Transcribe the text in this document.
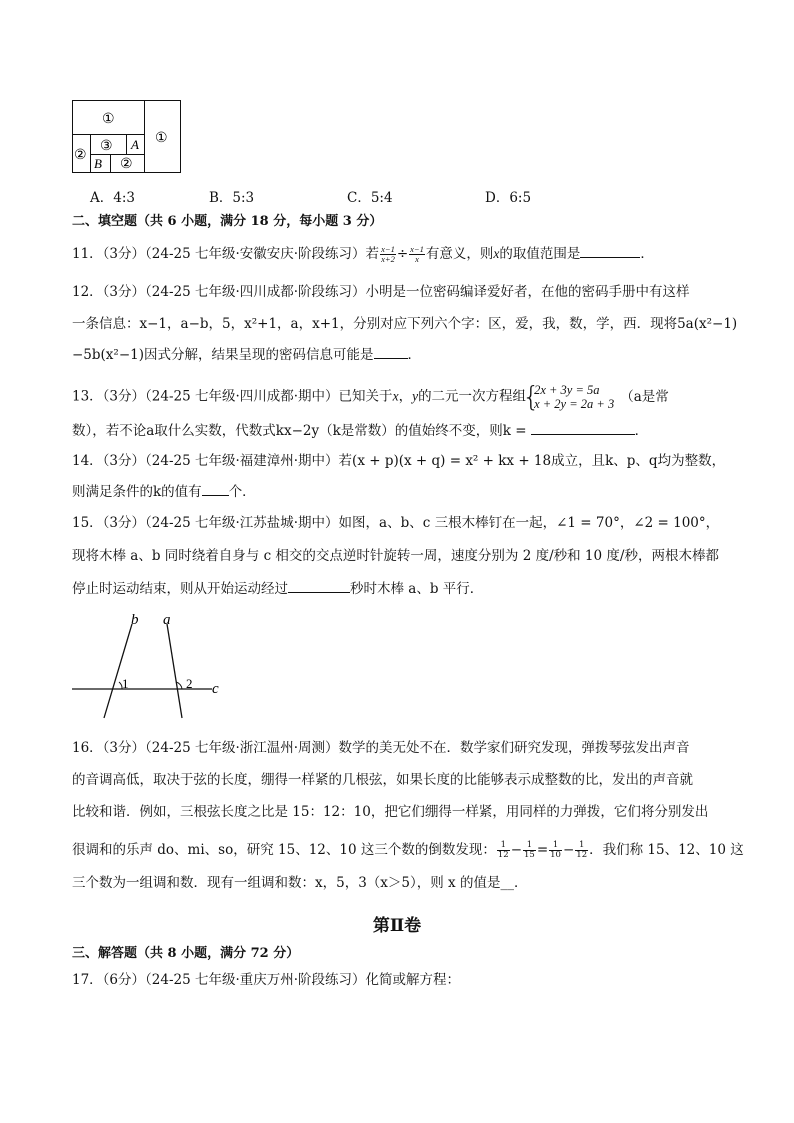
①
①
②
③ A
B ②
A．4:3	B．5:3	C．5:4	D．6:5
二、填空题（共 6 小题，满分 18 分，每小题 3 分）
11．（3分）（24-25 七年级·安徽安庆·阶段练习）若 $\frac{x-1}{x+2} \div \frac{x-1}{x}$ 有意义，则x的取值范围是	．
12．（3分）（24-25 七年级·四川成都·阶段练习）小明是一位密码编译爱好者，在他的密码手册中有这样
一条信息：x−1，a−b，5，x²+1，a，x+1，分别对应下列六个字：区，爱，我，数，学，西．现将5a(x²−1)
−5b(x²−1)因式分解，结果呈现的密码信息可能是	．
13．（3分）（24-25 七年级·四川成都·期中）已知关于x，y的二元一次方程组
{ 2x + 3y = 5a
x + 2y = 2a + 3 （a是常
数），若不论a取什么实数，代数式kx−2y（k是常数）的值始终不变，则k =	．
14．（3分）（24-25 七年级·福建漳州·期中）若(x + p)(x + q) = x² + kx + 18成立，且k、p、q均为整数，
则满足条件的k的值有 个．
15．（3分）（24-25 七年级·江苏盐城·期中）如图，a、b、c 三根木棒钉在一起，∠1 = 70°，∠2 = 100°，
现将木棒 a、b 同时绕着自身与 c 相交的交点逆时针旋转一周，速度分别为 2 度/秒和 10 度/秒，两根木棒都
停止时运动结束，则从开始运动经过	秒时木棒 a、b 平行．
b a
c
1	2
16．（3分）（24-25 七年级·浙江温州·周测）数学的美无处不在．数学家们研究发现，弹拨琴弦发出声音
的音调高低，取决于弦的长度，绷得一样紧的几根弦，如果长度的比能够表示成整数的比，发出的声音就
比较和谐．例如，三根弦长度之比是 15：12：10，把它们绷得一样紧，用同样的力弹拨，它们将分别发出
很调和的乐声 do、mi、so，研究 15、12、10 这三个数的倒数发现： $\frac{1}{12} - \frac{1}{15} = \frac{1}{10} - \frac{1}{12}$ ．我们称 15、12、10 这
三个数为一组调和数．现有一组调和数：x，5，3（x＞5），则 x 的值是__．
第Ⅱ卷
三、解答题（共 8 小题，满分 72 分）
17．（6分）（24-25 七年级·重庆万州·阶段练习）化简或解方程：
